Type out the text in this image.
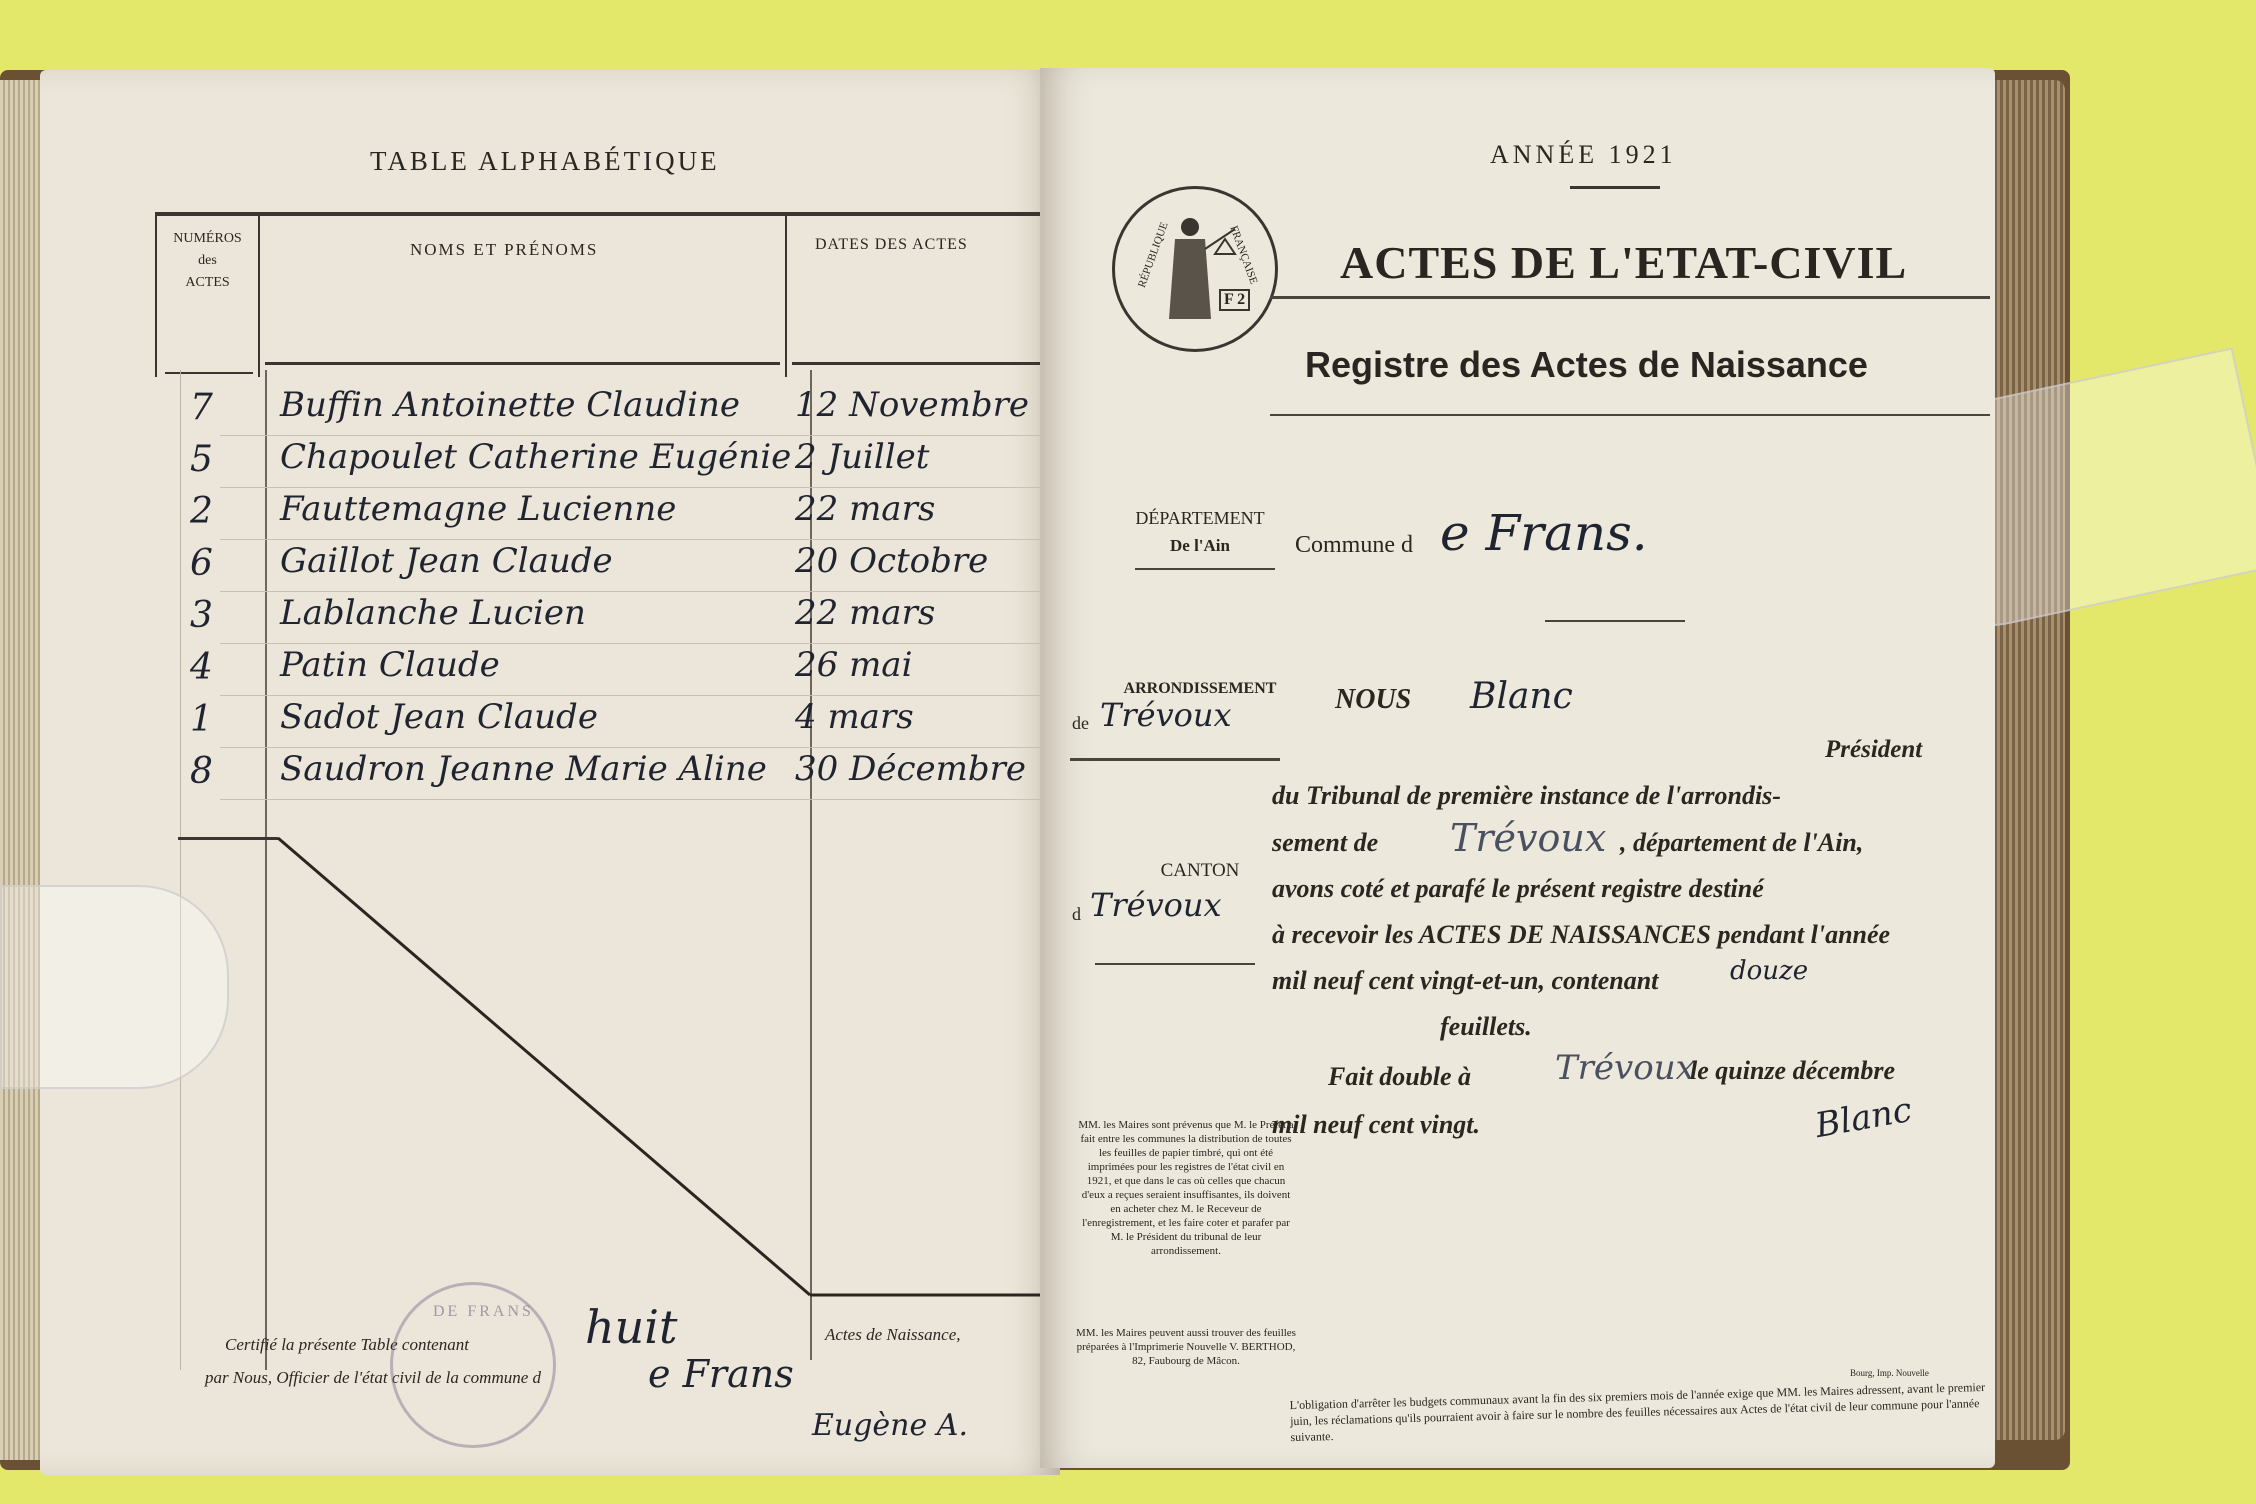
TABLE ALPHABÉTIQUE
NUMÉROS
des
ACTES
NOMS ET PRÉNOMS	DATES DES ACTES
7 Buffin Antoinette Claudine 12 Novembre
5 Chapoulet Catherine Eugénie 2 Juillet
2 Fauttemagne Lucienne	22 mars
6 Gaillot Jean Claude	20 Octobre
3 Lablanche Lucien	22 mars
4 Patin Claude	26 mai
1 Sadot Jean Claude	4 mars
8 Saudron Jeanne Marie Aline 30 Décembre
Certifié la présente Table contenant	huit	Actes de Naissance,
par Nous, Officier de l'état civil de la commune d	e Frans
Eugène A.
DE FRANS
ANNÉE 1921
RÉPUBLIQUE	FRANÇAISE
F 2
ACTES DE L'ETAT-CIVIL
Registre des Actes de Naissance
DÉPARTEMENT
De l'Ain
ARRONDISSEMENT
de Trévoux
CANTON
d Trévoux
MM. les Maires sont prévenus que M. le Préfet a fait entre les communes la distribution de toutes les feuilles de papier timbré, qui ont été imprimées pour les registres de l'état civil en 1921, et que dans le cas où celles que chacun d'eux a reçues seraient insuffisantes, ils doivent en acheter chez M. le Receveur de l'enregistrement, et les faire coter et parafer par M. le Président du tribunal de leur arrondissement.
MM. les Maires peuvent aussi trouver des feuilles préparées à l'Imprimerie Nouvelle V. BERTHOD, 82, Faubourg de Mâcon.
Commune d e Frans.
NOUS Blanc
Président
du Tribunal de première instance de l'arrondis-
sement de Trévoux , département de l'Ain,
avons coté et parafé le présent registre destiné
à recevoir les ACTES DE NAISSANCES pendant l'année
mil neuf cent vingt-et-un, contenant	douze
feuillets.
Fait double à Trévoux
le quinze décembre
mil neuf cent vingt.	Blanc
L'obligation d'arrêter les budgets communaux avant la fin des six premiers mois de l'année exige que MM. les Maires adressent, avant le premier juin, les réclamations qu'ils pourraient avoir à faire sur le nombre des feuilles nécessaires aux Actes de l'état civil de leur commune pour l'année suivante.
Bourg, Imp. Nouvelle
